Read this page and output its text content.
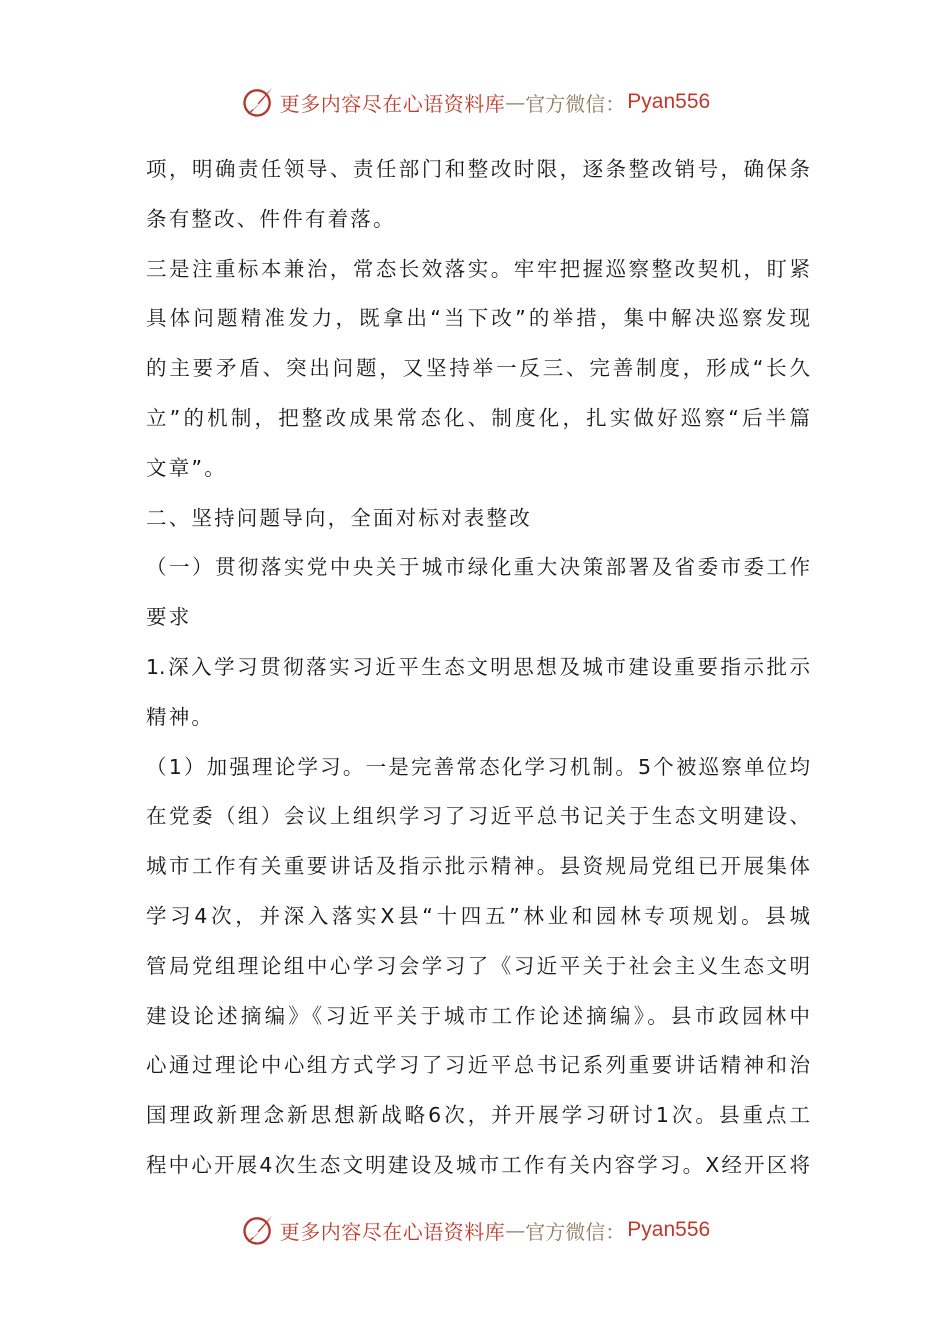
更多内容尽在心语资料库 — 官方微信： Pyan556
项，明确责任领导、责任部门和整改时限，逐条整改销号，确保条
条有整改、件件有着落。
三是注重标本兼治，常态长效落实。牢牢把握巡察整改契机，盯紧
具体问题精准发力，既拿出“当下改”的举措，集中解决巡察发现
的主要矛盾、突出问题，又坚持举一反三、完善制度，形成“长久
立”的机制，把整改成果常态化、制度化，扎实做好巡察“后半篇
文章”。
二、坚持问题导向，全面对标对表整改
（一）贯彻落实党中央关于城市绿化重大决策部署及省委市委工作
要求
1.深入学习贯彻落实习近平生态文明思想及城市建设重要指示批示
精神。
（1）加强理论学习。一是完善常态化学习机制。5个被巡察单位均
在党委（组）会议上组织学习了习近平总书记关于生态文明建设、
城市工作有关重要讲话及指示批示精神。县资规局党组已开展集体
学习4次，并深入落实X县“十四五”林业和园林专项规划。县城
管局党组理论组中心学习会学习了《习近平关于社会主义生态文明
建设论述摘编》《习近平关于城市工作论述摘编》。县市政园林中
心通过理论中心组方式学习了习近平总书记系列重要讲话精神和治
国理政新理念新思想新战略6次，并开展学习研讨1次。县重点工
程中心开展4次生态文明建设及城市工作有关内容学习。X经开区将
更多内容尽在心语资料库 — 官方微信： Pyan556
